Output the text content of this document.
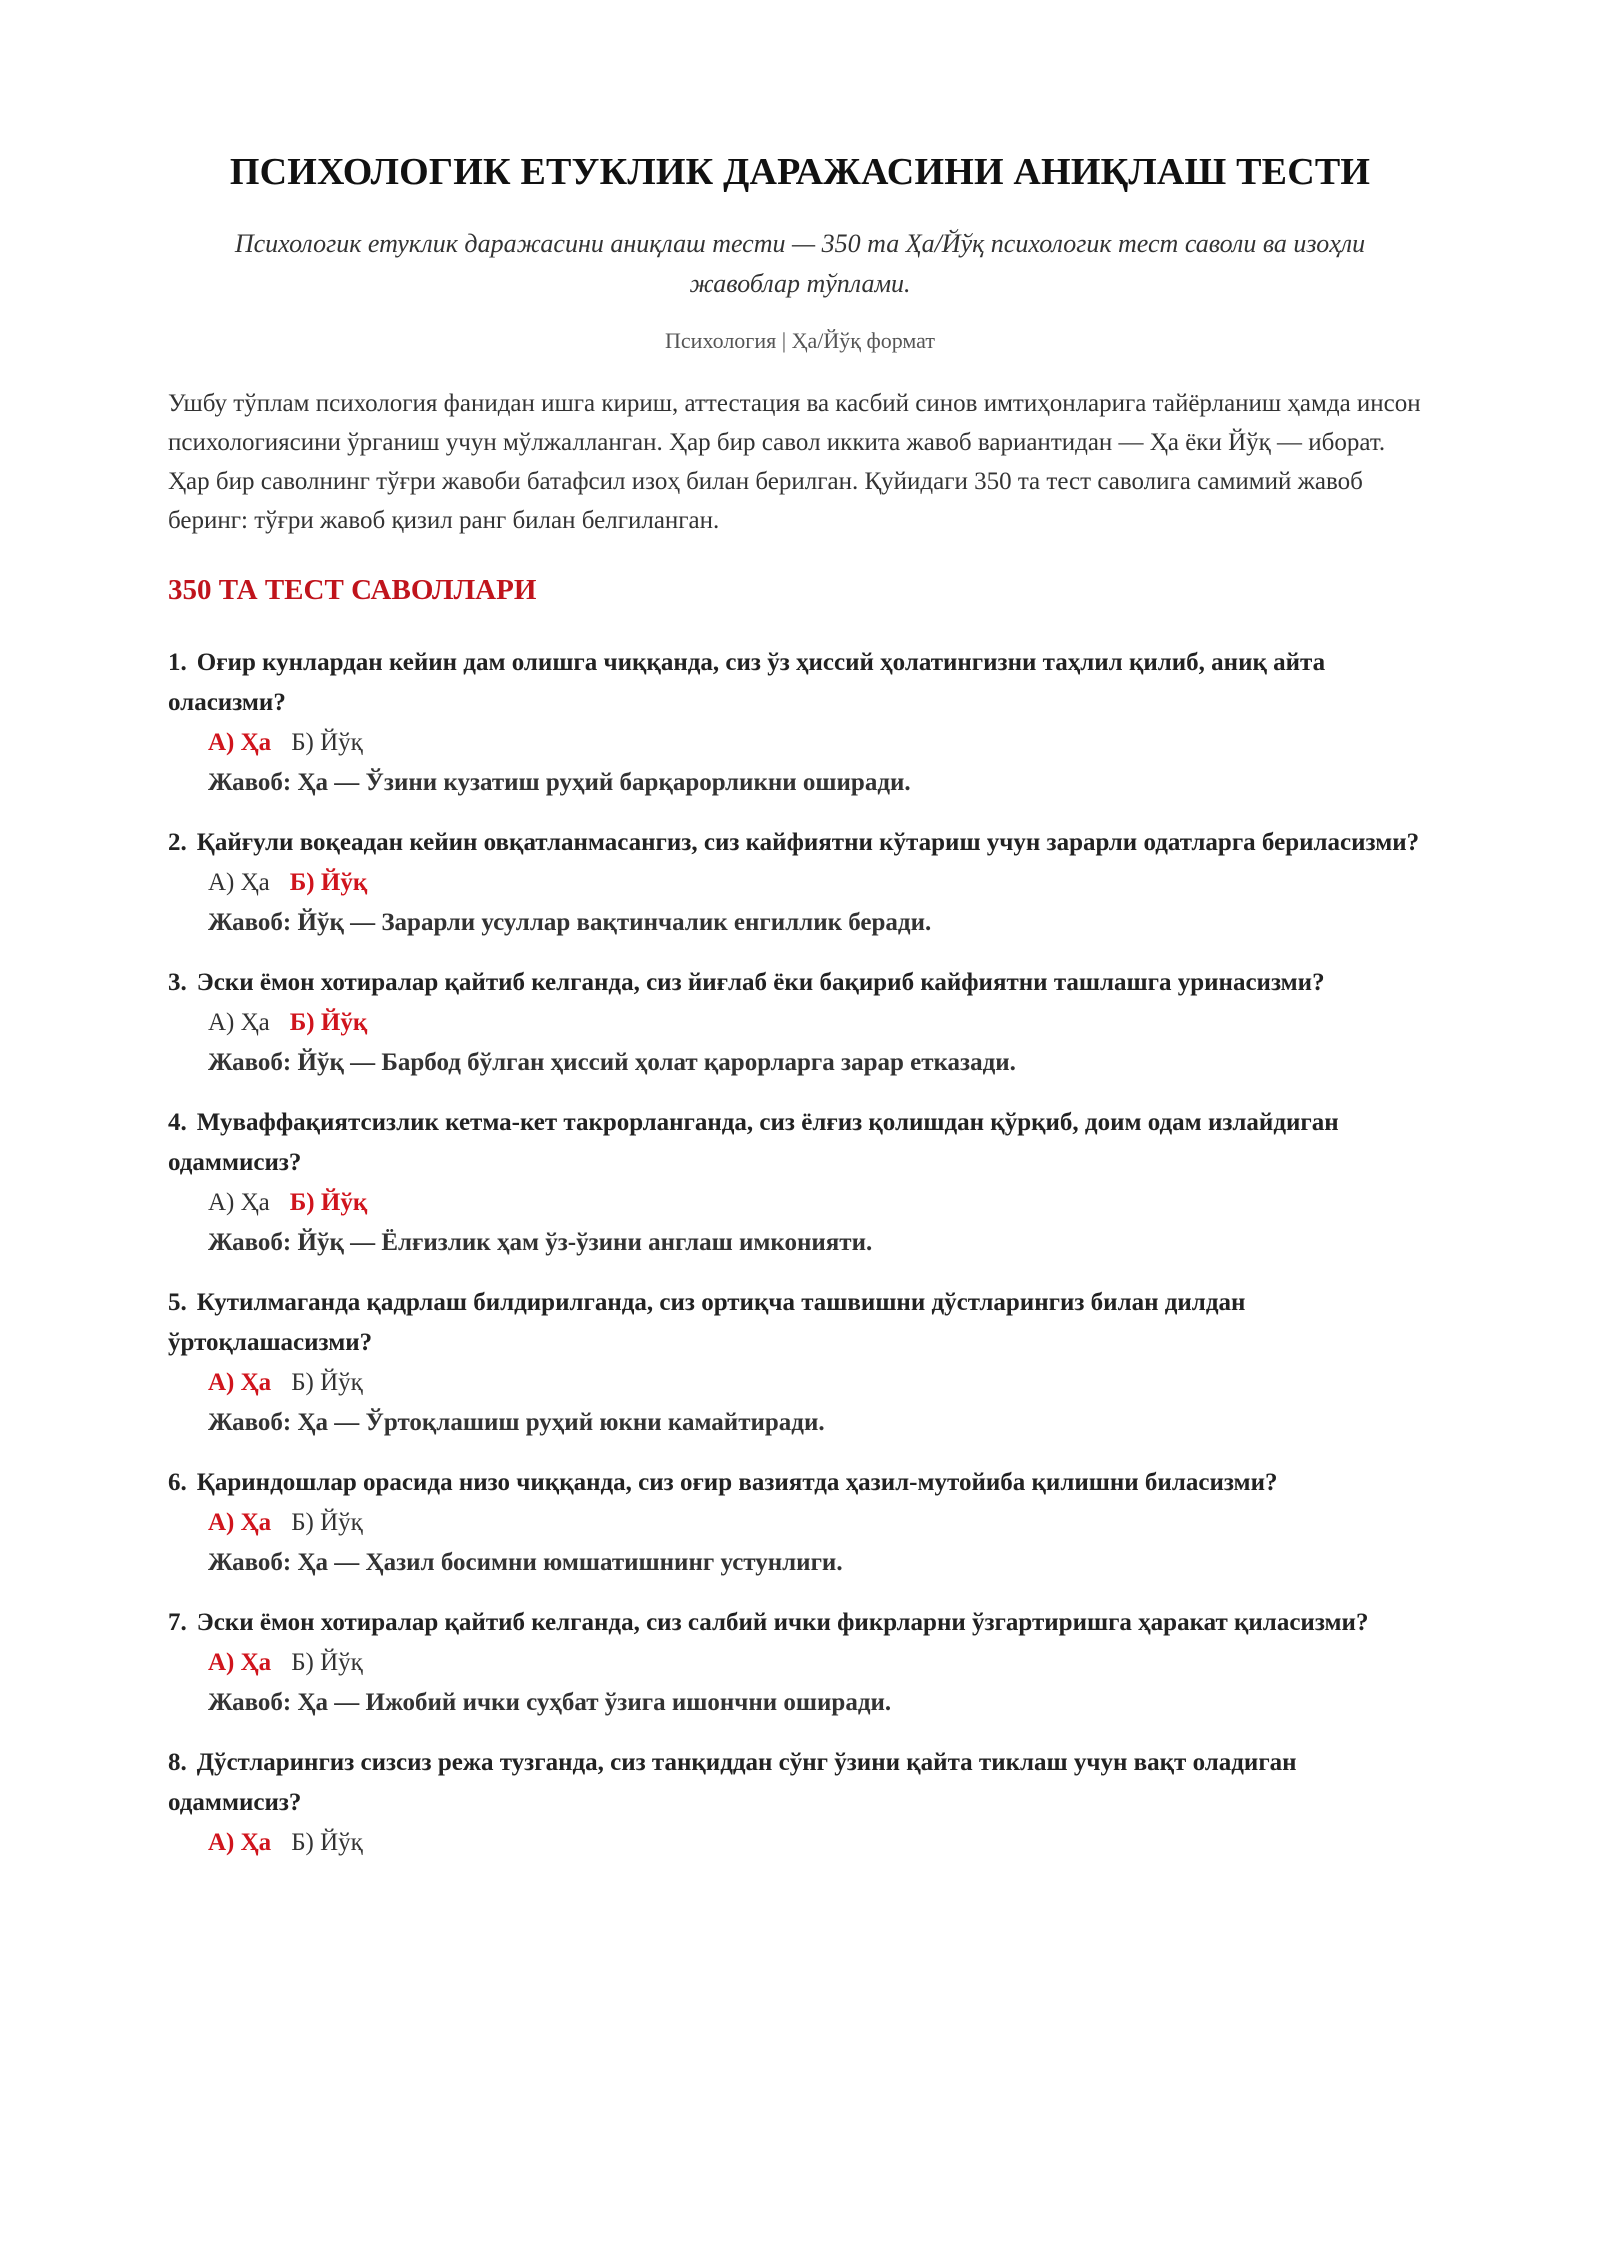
ПСИХОЛОГИК ЕТУКЛИК ДАРАЖАСИНИ АНИҚЛАШ ТЕСТИ
Психологик етуклик даражасини аниқлаш тести — 350 та Ҳа/Йўқ психологик тест саволи ва изоҳли жавоблар тўплами.
Психология | Ҳа/Йўқ формат

Ушбу тўплам психология фанидан ишга кириш, аттестация ва касбий синов имтиҳонларига тайёрланиш ҳамда инсон психологиясини ўрганиш учун мўлжалланган. Ҳар бир савол иккита жавоб вариантидан — Ҳа ёки Йўқ — иборат. Ҳар бир саволнинг тўғри жавоби батафсил изоҳ билан берилган. Қуйидаги 350 та тест саволига самимий жавоб беринг: тўғри жавоб қизил ранг билан белгиланган.

350 ТА ТЕСТ САВОЛЛАРИ
1. Оғир кунлардан кейин дам олишга чиққанда, сиз ўз ҳиссий ҳолатингизни таҳлил қилиб, аниқ айта оласизми?
А) Ҳа Б) Йўқ
Жавоб: Ҳа — Ўзини кузатиш руҳий барқарорликни оширади.
2. Қайғули воқеадан кейин овқатланмасангиз, сиз кайфиятни кўтариш учун зарарли одатларга бериласизми?
А) Ҳа Б) Йўқ
Жавоб: Йўқ — Зарарли усуллар вақтинчалик енгиллик беради.
3. Эски ёмон хотиралар қайтиб келганда, сиз йиғлаб ёки бақириб кайфиятни ташлашга уринасизми?
А) Ҳа Б) Йўқ
Жавоб: Йўқ — Барбод бўлган ҳиссий ҳолат қарорларга зарар етказади.
4. Муваффақиятсизлик кетма-кет такрорланганда, сиз ёлғиз қолишдан қўрқиб, доим одам излайдиган одаммисиз?
А) Ҳа Б) Йўқ
Жавоб: Йўқ — Ёлғизлик ҳам ўз-ўзини англаш имконияти.
5. Кутилмаганда қадрлаш билдирилганда, сиз ортиқча ташвишни дўстларингиз билан дилдан ўртоқлашасизми?
А) Ҳа Б) Йўқ
Жавоб: Ҳа — Ўртоқлашиш руҳий юкни камайтиради.
6. Қариндошлар орасида низо чиққанда, сиз оғир вазиятда ҳазил-мутойиба қилишни биласизми?
А) Ҳа Б) Йўқ
Жавоб: Ҳа — Ҳазил босимни юмшатишнинг устунлиги.
7. Эски ёмон хотиралар қайтиб келганда, сиз салбий ички фикрларни ўзгартиришга ҳаракат қиласизми?
А) Ҳа Б) Йўқ
Жавоб: Ҳа — Ижобий ички суҳбат ўзига ишончни оширади.
8. Дўстларингиз сизсиз режа тузганда, сиз танқиддан сўнг ўзини қайта тиклаш учун вақт оладиган одаммисиз?
А) Ҳа Б) Йўқ
